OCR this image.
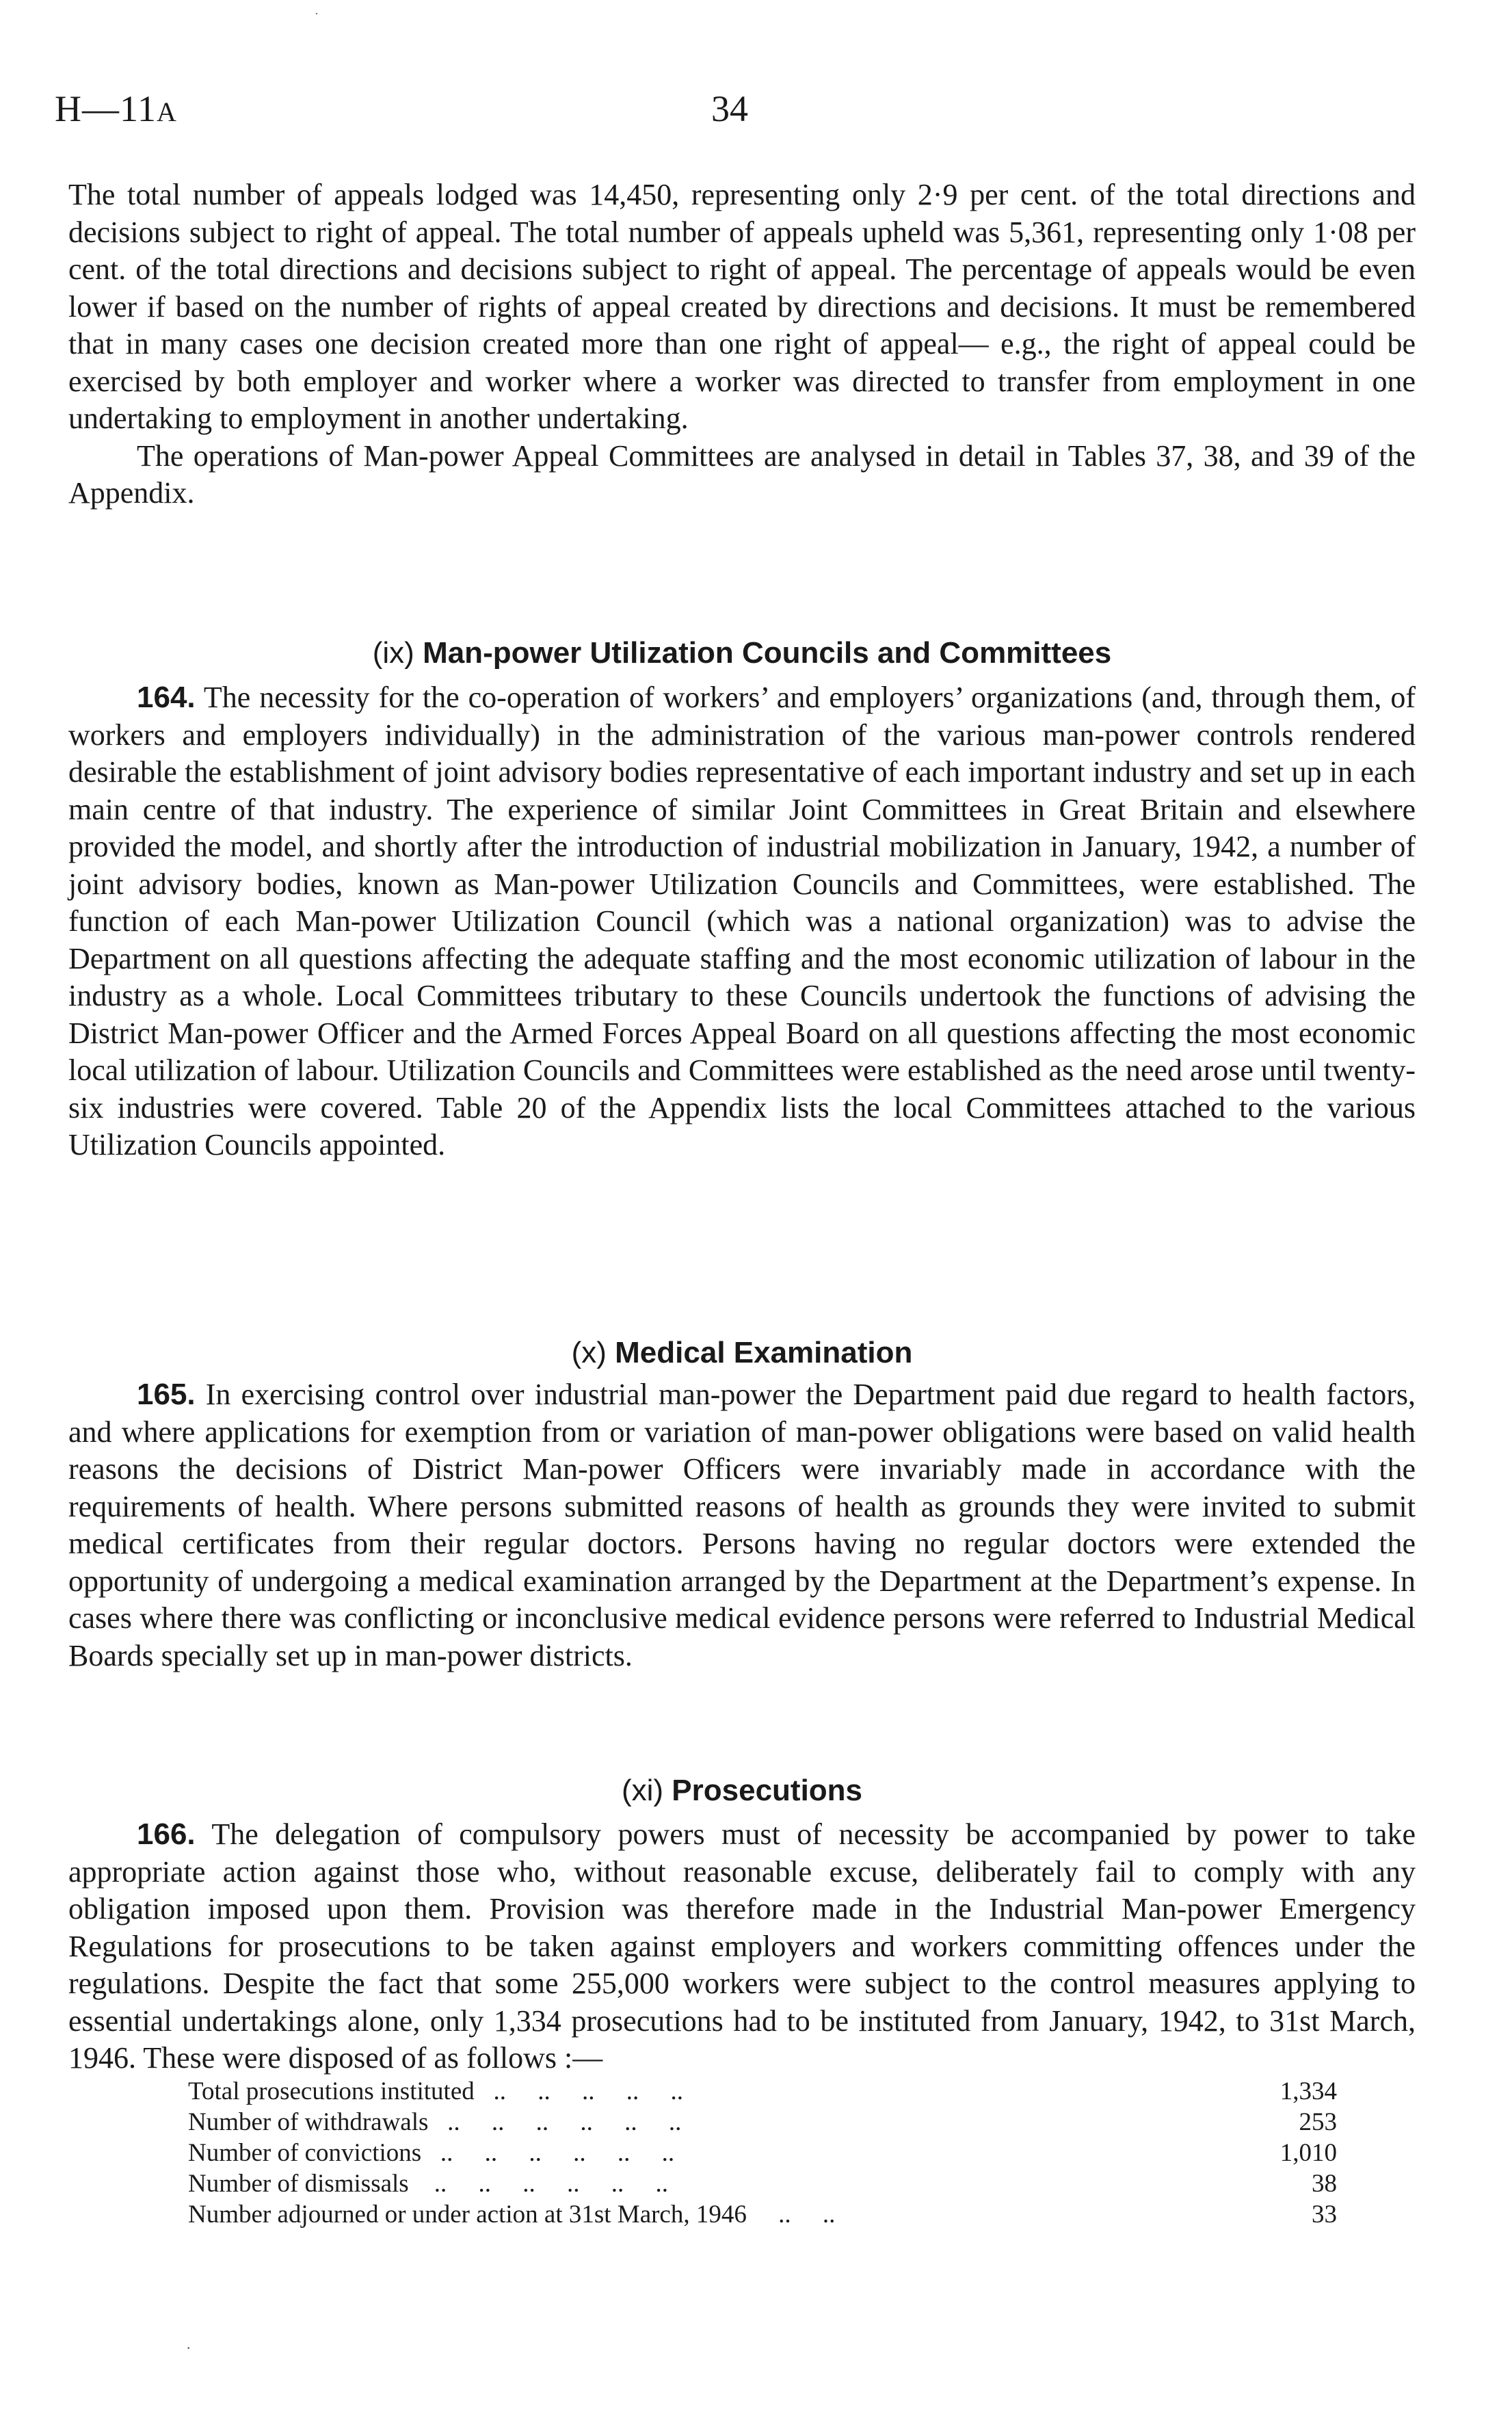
H—11A	34

The total number of appeals lodged was 14,450, representing only 2·9 per cent. of the total directions and decisions subject to right of appeal. The total number of appeals upheld was 5,361, representing only 1·08 per cent. of the total directions and decisions subject to right of appeal. The percentage of appeals would be even lower if based on the number of rights of appeal created by directions and decisions. It must be remembered that in many cases one decision created more than one right of appeal— e.g., the right of appeal could be exercised by both employer and worker where a worker was directed to transfer from employment in one undertaking to employment in another undertaking.

The operations of Man-power Appeal Committees are analysed in detail in Tables 37, 38, and 39 of the Appendix.

(ix) Man-power Utilization Councils and Committees

164. The necessity for the co-operation of workers’ and employers’ organizations (and, through them, of workers and employers individually) in the administration of the various man-power controls rendered desirable the establishment of joint advisory bodies representative of each important industry and set up in each main centre of that industry. The experience of similar Joint Committees in Great Britain and elsewhere provided the model, and shortly after the introduction of industrial mobilization in January, 1942, a number of joint advisory bodies, known as Man-power Utilization Councils and Committees, were established. The function of each Man-power Utilization Council (which was a national organization) was to advise the Department on all questions affecting the adequate staffing and the most economic utilization of labour in the industry as a whole. Local Committees tributary to these Councils undertook the functions of advising the District Man-power Officer and the Armed Forces Appeal Board on all questions affecting the most economic local utilization of labour. Utilization Councils and Committees were established as the need arose until twenty-six industries were covered. Table 20 of the Appendix lists the local Committees attached to the various Utilization Councils appointed.

(x) Medical Examination

165. In exercising control over industrial man-power the Department paid due regard to health factors, and where applications for exemption from or variation of man-power obligations were based on valid health reasons the decisions of District Man-power Officers were invariably made in accordance with the requirements of health. Where persons submitted reasons of health as grounds they were invited to submit medical certificates from their regular doctors. Persons having no regular doctors were extended the opportunity of undergoing a medical examination arranged by the Department at the Department’s expense. In cases where there was conflicting or inconclusive medical evidence persons were referred to Industrial Medical Boards specially set up in man-power districts.

(xi) Prosecutions

166. The delegation of compulsory powers must of necessity be accompanied by power to take appropriate action against those who, without reasonable excuse, deliberately fail to comply with any obligation imposed upon them. Provision was therefore made in the Industrial Man-power Emergency Regulations for prosecutions to be taken against employers and workers committing offences under the regulations. Despite the fact that some 255,000 workers were subject to the control measures applying to essential undertakings alone, only 1,334 prosecutions had to be instituted from January, 1942, to 31st March, 1946. These were disposed of as follows :—

Total prosecutions instituted   ..     ..     ..     ..     ..	1,334
Number of withdrawals   ..     ..     ..     ..     ..     ..	253
Number of convictions   ..     ..     ..     ..     ..     ..	1,010
Number of dismissals    ..     ..     ..     ..     ..     ..	38
Number adjourned or under action at 31st March, 1946     ..     ..	33
·
·
